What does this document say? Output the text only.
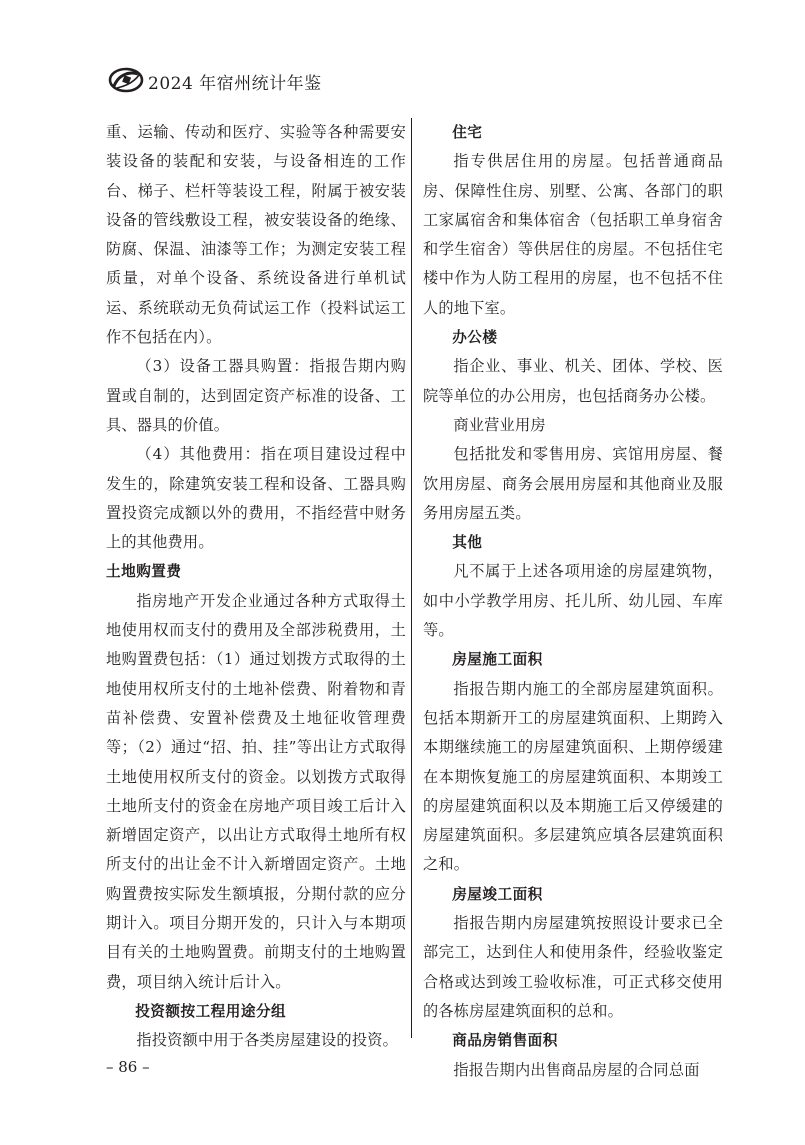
2024 年宿州统计年鉴

重、运输、传动和医疗、实验等各种需要安装设备的装配和安装，与设备相连的工作台、梯子、栏杆等装设工程，附属于被安装设备的管线敷设工程，被安装设备的绝缘、防腐、保温、油漆等工作；为测定安装工程质量，对单个设备、系统设备进行单机试运、系统联动无负荷试运工作（投料试运工作不包括在内）。

（3）设备工器具购置：指报告期内购置或自制的，达到固定资产标准的设备、工具、器具的价值。

（4）其他费用：指在项目建设过程中发生的，除建筑安装工程和设备、工器具购置投资完成额以外的费用，不指经营中财务上的其他费用。

土地购置费

指房地产开发企业通过各种方式取得土地使用权而支付的费用及全部涉税费用，土地购置费包括：（1）通过划拨方式取得的土地使用权所支付的土地补偿费、附着物和青苗补偿费、安置补偿费及土地征收管理费等；（2）通过“招、拍、挂”等出让方式取得土地使用权所支付的资金。以划拨方式取得土地所支付的资金在房地产项目竣工后计入新增固定资产，以出让方式取得土地所有权所支付的出让金不计入新增固定资产。土地购置费按实际发生额填报，分期付款的应分期计入。项目分期开发的，只计入与本期项目有关的土地购置费。前期支付的土地购置费，项目纳入统计后计入。

投资额按工程用途分组

指投资额中用于各类房屋建设的投资。

住宅

指专供居住用的房屋。包括普通商品房、保障性住房、别墅、公寓、各部门的职工家属宿舍和集体宿舍（包括职工单身宿舍和学生宿舍）等供居住的房屋。不包括住宅楼中作为人防工程用的房屋，也不包括不住人的地下室。

办公楼

指企业、事业、机关、团体、学校、医院等单位的办公用房，也包括商务办公楼。

商业营业用房

包括批发和零售用房、宾馆用房屋、餐饮用房屋、商务会展用房屋和其他商业及服务用房屋五类。

其他

凡不属于上述各项用途的房屋建筑物，如中小学教学用房、托儿所、幼儿园、车库等。

房屋施工面积

指报告期内施工的全部房屋建筑面积。包括本期新开工的房屋建筑面积、上期跨入本期继续施工的房屋建筑面积、上期停缓建在本期恢复施工的房屋建筑面积、本期竣工的房屋建筑面积以及本期施工后又停缓建的房屋建筑面积。多层建筑应填各层建筑面积之和。

房屋竣工面积

指报告期内房屋建筑按照设计要求已全部完工，达到住人和使用条件，经验收鉴定合格或达到竣工验收标准，可正式移交使用的各栋房屋建筑面积的总和。

商品房销售面积

指报告期内出售商品房屋的合同总面

– 86 –
